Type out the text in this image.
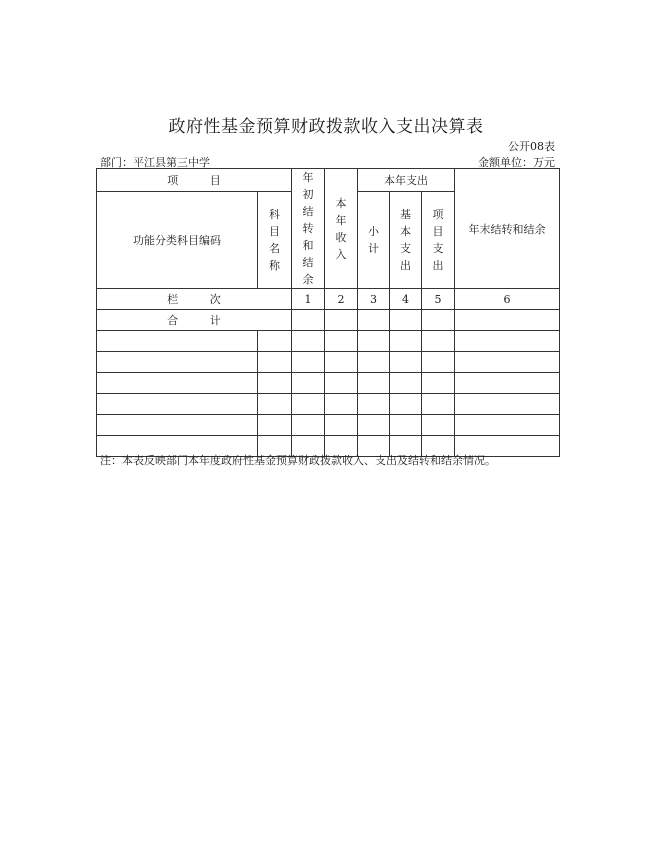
政府性基金预算财政拨款收入支出决算表
公开08表
部门：平江县第三中学	金额单位：万元
项 目		年初结转和结余	本年收入	本年支出			年末结转和结余
功能分类科目编码	科目名称			小计	基本支出	项目支出	
栏 次		1	2	3	4	5	6
合 计							

注：本表反映部门本年度政府性基金预算财政拨款收入、支出及结转和结余情况。
